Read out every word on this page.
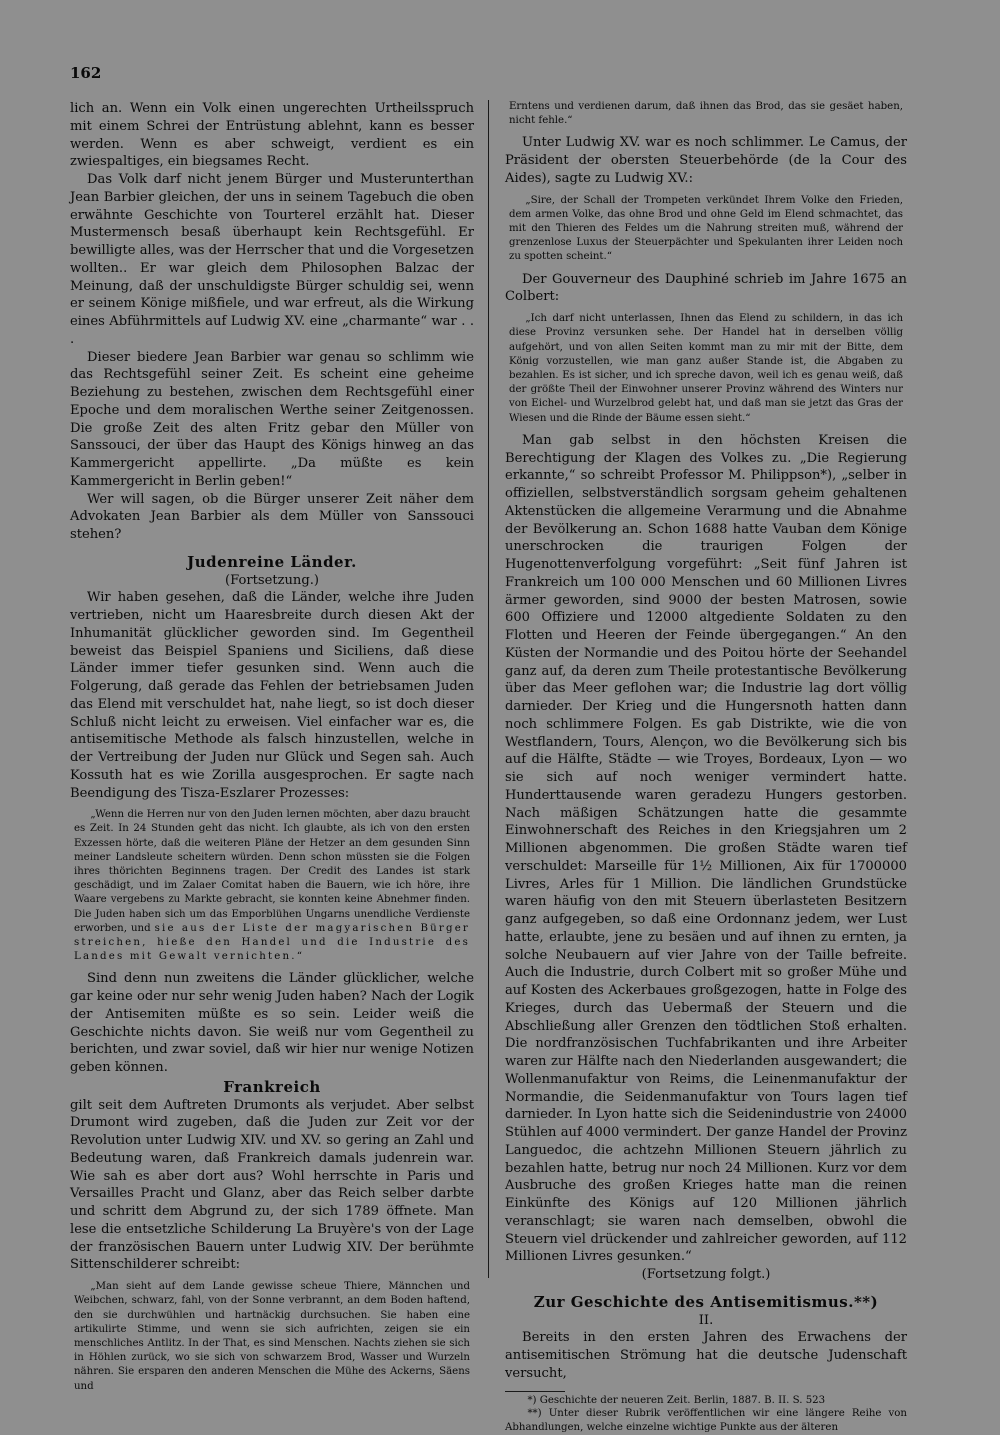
162

lich an. Wenn ein Volk einen ungerechten Urtheilsspruch mit einem Schrei der Entrüstung ablehnt, kann es besser werden. Wenn es aber schweigt, verdient es ein zwiespaltiges, ein biegsames Recht.

Das Volk darf nicht jenem Bürger und Musterunterthan Jean Barbier gleichen, der uns in seinem Tagebuch die oben erwähnte Geschichte von Tourterel erzählt hat. Dieser Mustermensch besaß überhaupt kein Rechtsgefühl. Er bewilligte alles, was der Herrscher that und die Vorgesetzen wollten.. Er war gleich dem Philosophen Balzac der Meinung, daß der unschuldigste Bürger schuldig sei, wenn er seinem Könige mißfiele, und war erfreut, als die Wirkung eines Abführmittels auf Ludwig XV. eine „charmante“ war . . .

Dieser biedere Jean Barbier war genau so schlimm wie das Rechtsgefühl seiner Zeit. Es scheint eine geheime Beziehung zu bestehen, zwischen dem Rechtsgefühl einer Epoche und dem moralischen Werthe seiner Zeitgenossen. Die große Zeit des alten Fritz gebar den Müller von Sanssouci, der über das Haupt des Königs hinweg an das Kammergericht appellirte. „Da müßte es kein Kammergericht in Berlin geben!“

Wer will sagen, ob die Bürger unserer Zeit näher dem Advokaten Jean Barbier als dem Müller von Sanssouci stehen?

Judenreine Länder.

(Fortsetzung.)

Wir haben gesehen, daß die Länder, welche ihre Juden vertrieben, nicht um Haaresbreite durch diesen Akt der Inhumanität glücklicher geworden sind. Im Gegentheil beweist das Beispiel Spaniens und Siciliens, daß diese Länder immer tiefer gesunken sind. Wenn auch die Folgerung, daß gerade das Fehlen der betriebsamen Juden das Elend mit verschuldet hat, nahe liegt, so ist doch dieser Schluß nicht leicht zu erweisen. Viel einfacher war es, die antisemitische Methode als falsch hinzustellen, welche in der Vertreibung der Juden nur Glück und Segen sah. Auch Kossuth hat es wie Zorilla ausgesprochen. Er sagte nach Beendigung des Tisza-Eszlarer Prozesses:

„Wenn die Herren nur von den Juden lernen möchten, aber dazu braucht es Zeit. In 24 Stunden geht das nicht. Ich glaubte, als ich von den ersten Exzessen hörte, daß die weiteren Pläne der Hetzer an dem gesunden Sinn meiner Landsleute scheitern würden. Denn schon müssten sie die Folgen ihres thörichten Beginnens tragen. Der Credit des Landes ist stark geschädigt, und im Zalaer Comitat haben die Bauern, wie ich höre, ihre Waare vergebens zu Markte gebracht, sie konnten keine Abnehmer finden. Die Juden haben sich um das Emporblühen Ungarns unendliche Verdienste erworben, und sie aus der Liste der magyarischen Bürger streichen, hieße den Handel und die Industrie des Landes mit Gewalt vernichten.“

Sind denn nun zweitens die Länder glücklicher, welche gar keine oder nur sehr wenig Juden haben? Nach der Logik der Antisemiten müßte es so sein. Leider weiß die Geschichte nichts davon. Sie weiß nur vom Gegentheil zu berichten, und zwar soviel, daß wir hier nur wenige Notizen geben können.

Frankreich

gilt seit dem Auftreten Drumonts als verjudet. Aber selbst Drumont wird zugeben, daß die Juden zur Zeit vor der Revolution unter Ludwig XIV. und XV. so gering an Zahl und Bedeutung waren, daß Frankreich damals judenrein war. Wie sah es aber dort aus? Wohl herrschte in Paris und Versailles Pracht und Glanz, aber das Reich selber darbte und schritt dem Abgrund zu, der sich 1789 öffnete. Man lese die entsetzliche Schilderung La Bruyère's von der Lage der französischen Bauern unter Ludwig XIV. Der berühmte Sittenschilderer schreibt:

„Man sieht auf dem Lande gewisse scheue Thiere, Männchen und Weibchen, schwarz, fahl, von der Sonne verbrannt, an dem Boden haftend, den sie durchwühlen und hartnäckig durchsuchen. Sie haben eine artikulirte Stimme, und wenn sie sich aufrichten, zeigen sie ein menschliches Antlitz. In der That, es sind Menschen. Nachts ziehen sie sich in Höhlen zurück, wo sie sich von schwarzem Brod, Wasser und Wurzeln nähren. Sie ersparen den anderen Menschen die Mühe des Ackerns, Säens und

Erntens und verdienen darum, daß ihnen das Brod, das sie gesäet haben, nicht fehle.“

Unter Ludwig XV. war es noch schlimmer. Le Camus, der Präsident der obersten Steuerbehörde (de la Cour des Aides), sagte zu Ludwig XV.:

„Sire, der Schall der Trompeten verkündet Ihrem Volke den Frieden, dem armen Volke, das ohne Brod und ohne Geld im Elend schmachtet, das mit den Thieren des Feldes um die Nahrung streiten muß, während der grenzenlose Luxus der Steuerpächter und Spekulanten ihrer Leiden noch zu spotten scheint.“

Der Gouverneur des Dauphiné schrieb im Jahre 1675 an Colbert:

„Ich darf nicht unterlassen, Ihnen das Elend zu schildern, in das ich diese Provinz versunken sehe. Der Handel hat in derselben völlig aufgehört, und von allen Seiten kommt man zu mir mit der Bitte, dem König vorzustellen, wie man ganz außer Stande ist, die Abgaben zu bezahlen. Es ist sicher, und ich spreche davon, weil ich es genau weiß, daß der größte Theil der Einwohner unserer Provinz während des Winters nur von Eichel- und Wurzelbrod gelebt hat, und daß man sie jetzt das Gras der Wiesen und die Rinde der Bäume essen sieht.“

Man gab selbst in den höchsten Kreisen die Berechtigung der Klagen des Volkes zu. „Die Regierung erkannte,“ so schreibt Professor M. Philippson*), „selber in offiziellen, selbstverständlich sorgsam geheim gehaltenen Aktenstücken die allgemeine Verarmung und die Abnahme der Bevölkerung an. Schon 1688 hatte Vauban dem Könige unerschrocken die traurigen Folgen der Hugenottenverfolgung vorgeführt: „Seit fünf Jahren ist Frankreich um 100 000 Menschen und 60 Millionen Livres ärmer geworden, sind 9000 der besten Matrosen, sowie 600 Offiziere und 12000 altgediente Soldaten zu den Flotten und Heeren der Feinde übergegangen.“ An den Küsten der Normandie und des Poitou hörte der Seehandel ganz auf, da deren zum Theile protestantische Bevölkerung über das Meer geflohen war; die Industrie lag dort völlig darnieder. Der Krieg und die Hungersnoth hatten dann noch schlimmere Folgen. Es gab Distrikte, wie die von Westflandern, Tours, Alençon, wo die Bevölkerung sich bis auf die Hälfte, Städte — wie Troyes, Bordeaux, Lyon — wo sie sich auf noch weniger vermindert hatte. Hunderttausende waren geradezu Hungers gestorben. Nach mäßigen Schätzungen hatte die gesammte Einwohnerschaft des Reiches in den Kriegsjahren um 2 Millionen abgenommen. Die großen Städte waren tief verschuldet: Marseille für 1½ Millionen, Aix für 1700000 Livres, Arles für 1 Million. Die ländlichen Grundstücke waren häufig von den mit Steuern überlasteten Besitzern ganz aufgegeben, so daß eine Ordonnanz jedem, wer Lust hatte, erlaubte, jene zu besäen und auf ihnen zu ernten, ja solche Neubauern auf vier Jahre von der Taille befreite. Auch die Industrie, durch Colbert mit so großer Mühe und auf Kosten des Ackerbaues großgezogen, hatte in Folge des Krieges, durch das Uebermaß der Steuern und die Abschließung aller Grenzen den tödtlichen Stoß erhalten. Die nordfranzösischen Tuchfabrikanten und ihre Arbeiter waren zur Hälfte nach den Niederlanden ausgewandert; die Wollenmanufaktur von Reims, die Leinenmanufaktur der Normandie, die Seidenmanufaktur von Tours lagen tief darnieder. In Lyon hatte sich die Seidenindustrie von 24000 Stühlen auf 4000 vermindert. Der ganze Handel der Provinz Languedoc, die achtzehn Millionen Steuern jährlich zu bezahlen hatte, betrug nur noch 24 Millionen. Kurz vor dem Ausbruche des großen Krieges hatte man die reinen Einkünfte des Königs auf 120 Millionen jährlich veranschlagt; sie waren nach demselben, obwohl die Steuern viel drückender und zahlreicher geworden, auf 112 Millionen Livres gesunken.“

(Fortsetzung folgt.)

Zur Geschichte des Antisemitismus.**)

II.

Bereits in den ersten Jahren des Erwachens der antisemitischen Strömung hat die deutsche Judenschaft versucht,

*) Geschichte der neueren Zeit. Berlin, 1887. B. II. S. 523

**) Unter dieser Rubrik veröffentlichen wir eine längere Reihe von Abhandlungen, welche einzelne wichtige Punkte aus der älteren
